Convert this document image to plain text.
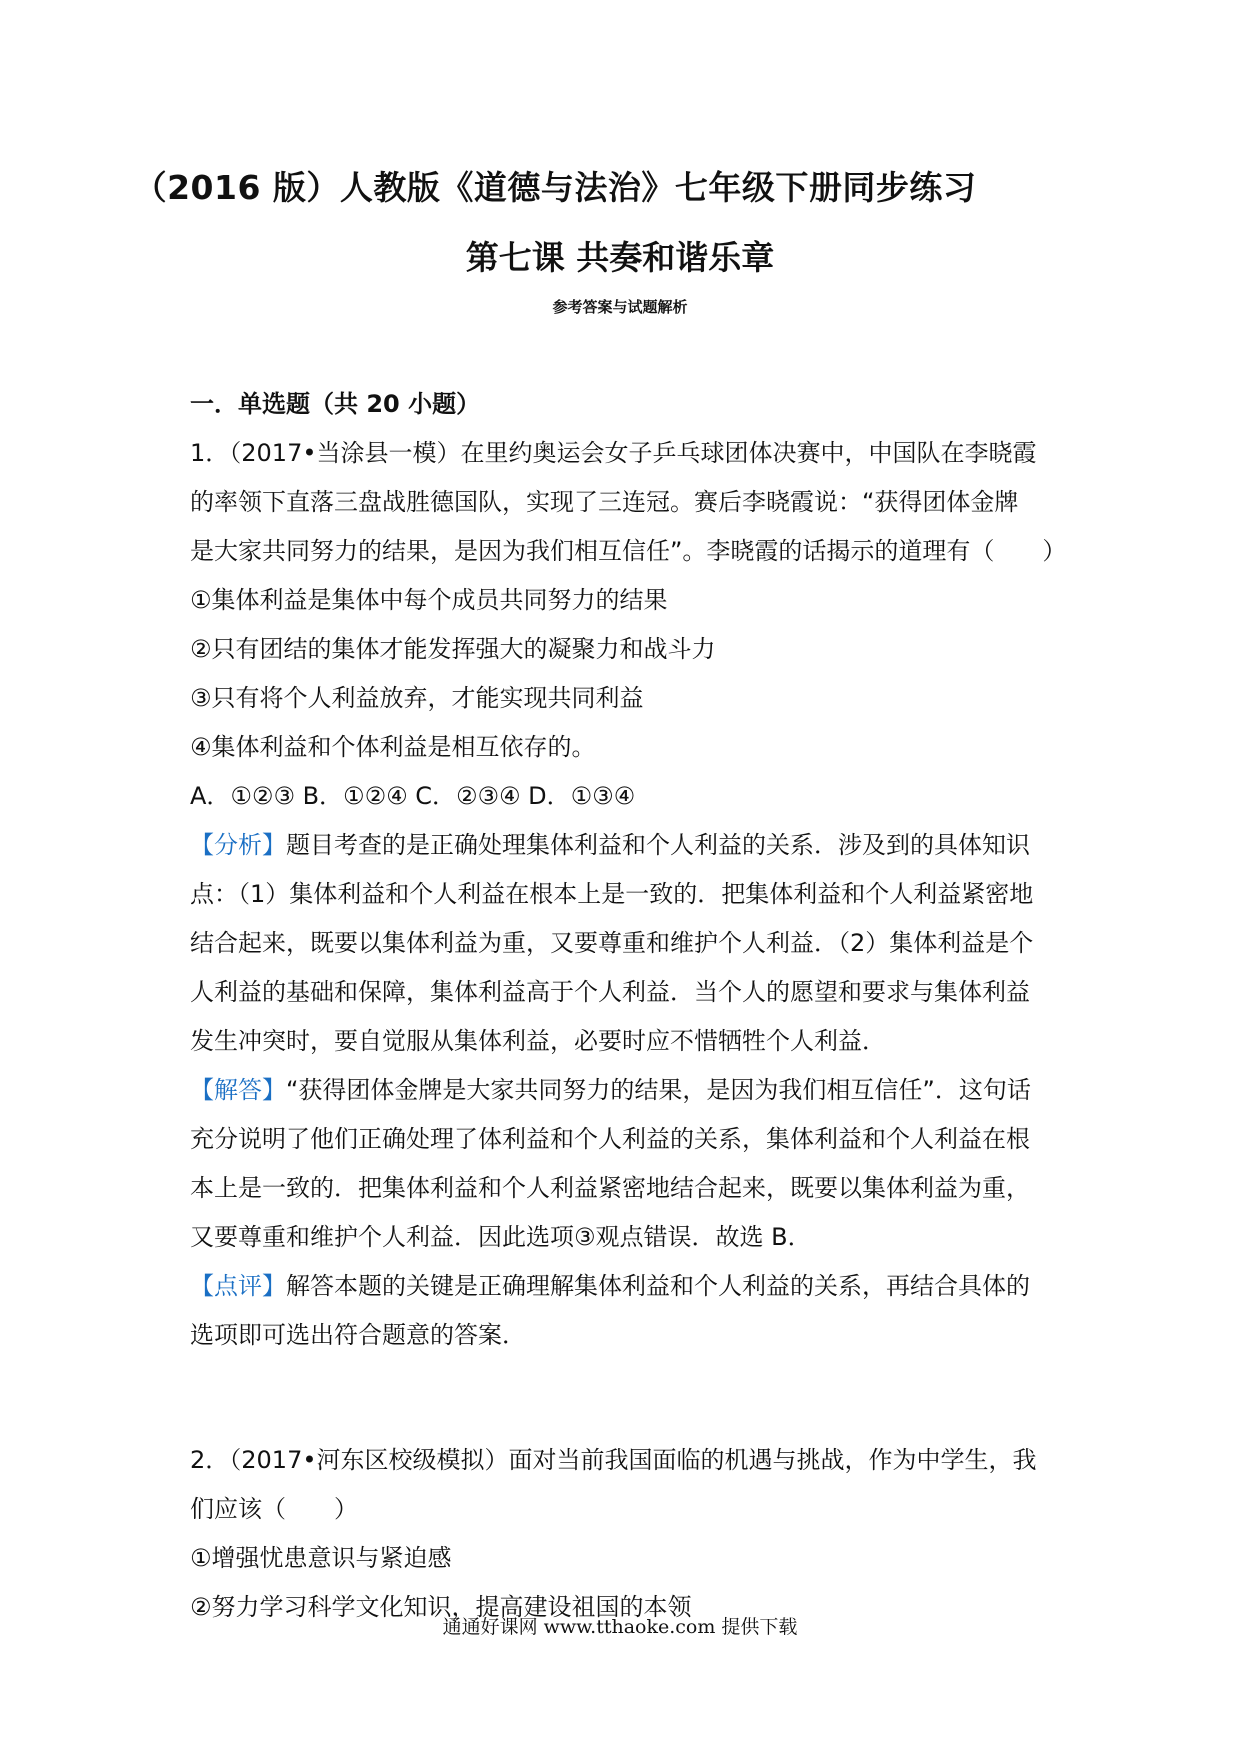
（2016 版）人教版《道德与法治》七年级下册同步练习
第七课 共奏和谐乐章
参考答案与试题解析
一．单选题（共 20 小题）
1．（2017•当涂县一模）在里约奥运会女子乒乓球团体决赛中，中国队在李晓霞
的率领下直落三盘战胜德国队，实现了三连冠。赛后李晓霞说：“获得团体金牌
是大家共同努力的结果，是因为我们相互信任”。李晓霞的话揭示的道理有（　　）
①集体利益是集体中每个成员共同努力的结果
②只有团结的集体才能发挥强大的凝聚力和战斗力
③只有将个人利益放弃，才能实现共同利益
④集体利益和个体利益是相互依存的。
A．①②③ B．①②④ C．②③④ D．①③④
【分析】题目考查的是正确处理集体利益和个人利益的关系．涉及到的具体知识
点：（1）集体利益和个人利益在根本上是一致的．把集体利益和个人利益紧密地
结合起来，既要以集体利益为重，又要尊重和维护个人利益．（2）集体利益是个
人利益的基础和保障，集体利益高于个人利益．当个人的愿望和要求与集体利益
发生冲突时，要自觉服从集体利益，必要时应不惜牺牲个人利益．
【解答】“获得团体金牌是大家共同努力的结果，是因为我们相互信任”．这句话
充分说明了他们正确处理了体利益和个人利益的关系，集体利益和个人利益在根
本上是一致的．把集体利益和个人利益紧密地结合起来，既要以集体利益为重，
又要尊重和维护个人利益．因此选项③观点错误．故选 B．
【点评】解答本题的关键是正确理解集体利益和个人利益的关系，再结合具体的
选项即可选出符合题意的答案．
2．（2017•河东区校级模拟）面对当前我国面临的机遇与挑战，作为中学生，我
们应该（　　）
①增强忧患意识与紧迫感
②努力学习科学文化知识，提高建设祖国的本领
通通好课网 www.tthaoke.com 提供下载
